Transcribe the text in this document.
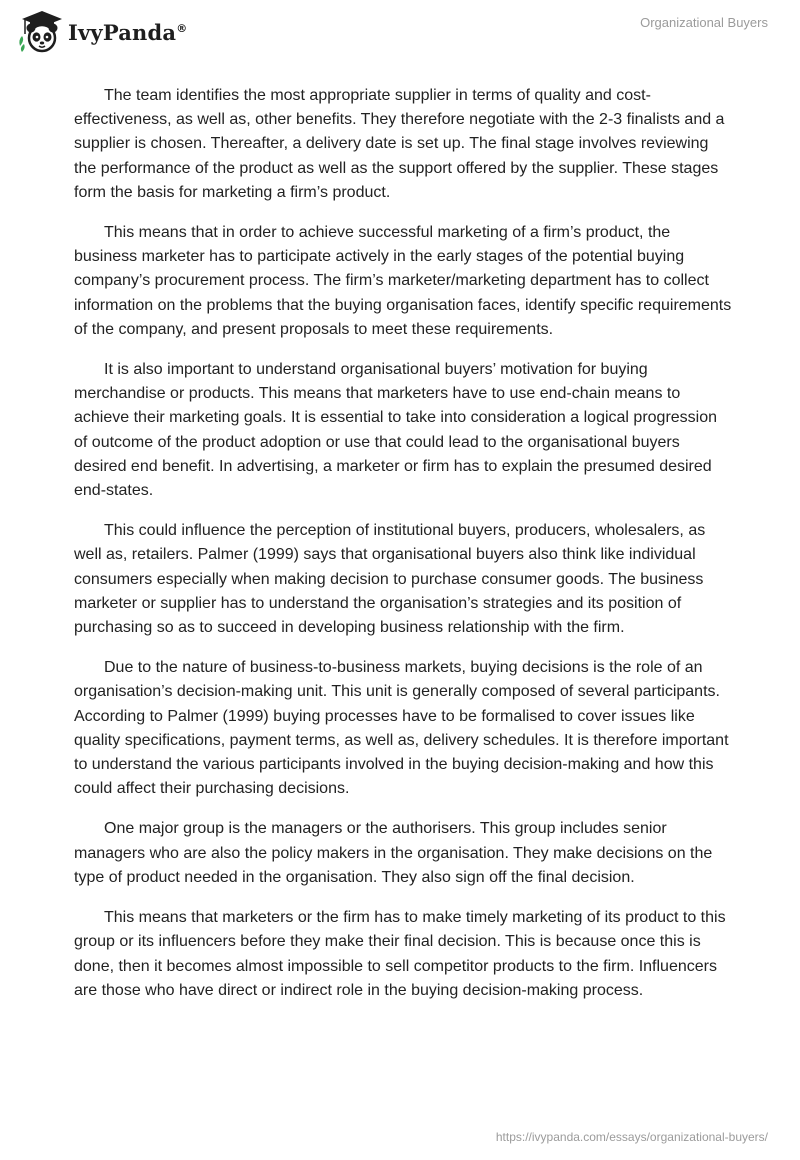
IvyPanda®	Organizational Buyers

The team identifies the most appropriate supplier in terms of quality and cost-effectiveness, as well as, other benefits. They therefore negotiate with the 2-3 finalists and a supplier is chosen. Thereafter, a delivery date is set up. The final stage involves reviewing the performance of the product as well as the support offered by the supplier. These stages form the basis for marketing a firm’s product.

This means that in order to achieve successful marketing of a firm’s product, the business marketer has to participate actively in the early stages of the potential buying company’s procurement process. The firm’s marketer/marketing department has to collect information on the problems that the buying organisation faces, identify specific requirements of the company, and present proposals to meet these requirements.

It is also important to understand organisational buyers’ motivation for buying merchandise or products. This means that marketers have to use end-chain means to achieve their marketing goals. It is essential to take into consideration a logical progression of outcome of the product adoption or use that could lead to the organisational buyers desired end benefit. In advertising, a marketer or firm has to explain the presumed desired end-states.

This could influence the perception of institutional buyers, producers, wholesalers, as well as, retailers. Palmer (1999) says that organisational buyers also think like individual consumers especially when making decision to purchase consumer goods. The business marketer or supplier has to understand the organisation’s strategies and its position of purchasing so as to succeed in developing business relationship with the firm.

Due to the nature of business-to-business markets, buying decisions is the role of an organisation’s decision-making unit. This unit is generally composed of several participants. According to Palmer (1999) buying processes have to be formalised to cover issues like quality specifications, payment terms, as well as, delivery schedules. It is therefore important to understand the various participants involved in the buying decision-making and how this could affect their purchasing decisions.

One major group is the managers or the authorisers. This group includes senior managers who are also the policy makers in the organisation. They make decisions on the type of product needed in the organisation. They also sign off the final decision.

This means that marketers or the firm has to make timely marketing of its product to this group or its influencers before they make their final decision. This is because once this is done, then it becomes almost impossible to sell competitor products to the firm. Influencers are those who have direct or indirect role in the buying decision-making process.

https://ivypanda.com/essays/organizational-buyers/
